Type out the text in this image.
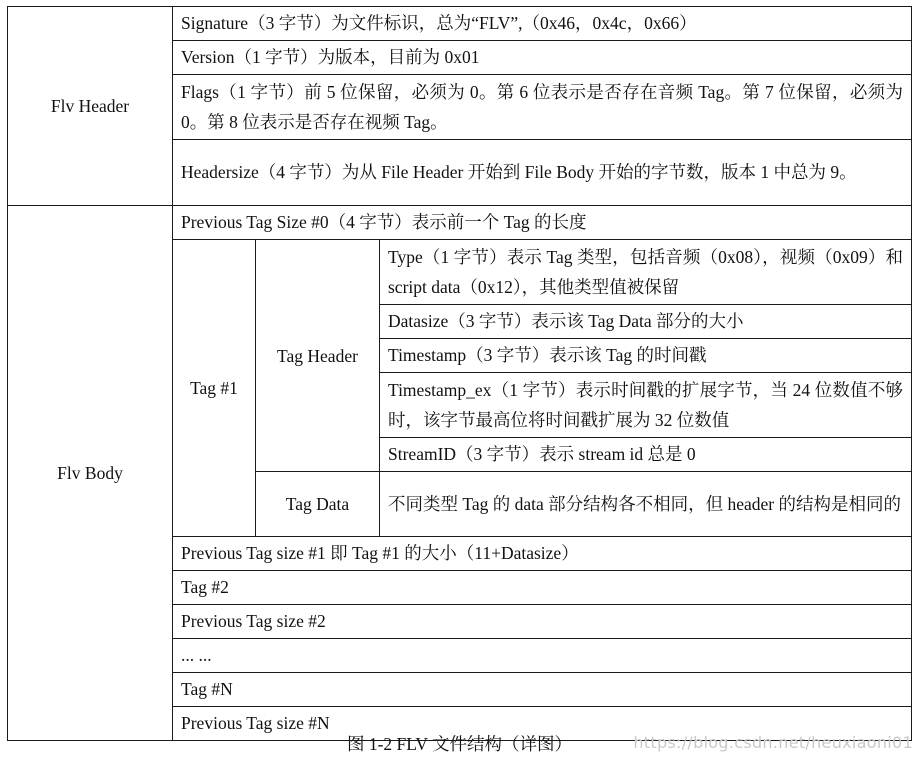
Flv Header	Signature（3 字节）为文件标识，总为“FLV”,（0x46，0x4c，0x66）		
	Version（1 字节）为版本，目前为 0x01		
	Flags（1 字节）前 5 位保留，必须为 0。第 6 位表示是否存在音频 Tag。第 7 位保留，必须为 0。第 8 位表示是否存在视频 Tag。		
	Headersize（4 字节）为从 File Header 开始到 File Body 开始的字节数，版本 1 中总为 9。		
Flv Body	Previous Tag Size #0（4 字节）表示前一个 Tag 的长度		
	Tag #1	Tag Header	Type（1 字节）表示 Tag 类型，包括音频（0x08），视频（0x09）和 script data（0x12），其他类型值被保留
			Datasize（3 字节）表示该 Tag Data 部分的大小
			Timestamp（3 字节）表示该 Tag 的时间戳
			Timestamp_ex（1 字节）表示时间戳的扩展字节，当 24 位数值不够时，该字节最高位将时间戳扩展为 32 位数值
			StreamID（3 字节）表示 stream id 总是 0
		Tag Data	不同类型 Tag 的 data 部分结构各不相同，但 header 的结构是相同的
	Previous Tag size #1 即 Tag #1 的大小（11+Datasize）		
	Tag #2		
	Previous Tag size #2		
	... ...		
	Tag #N		
	Previous Tag size #N		
图 1-2 FLV 文件结构（详图）	https://blog.csdn.net/heuxiaoni01
